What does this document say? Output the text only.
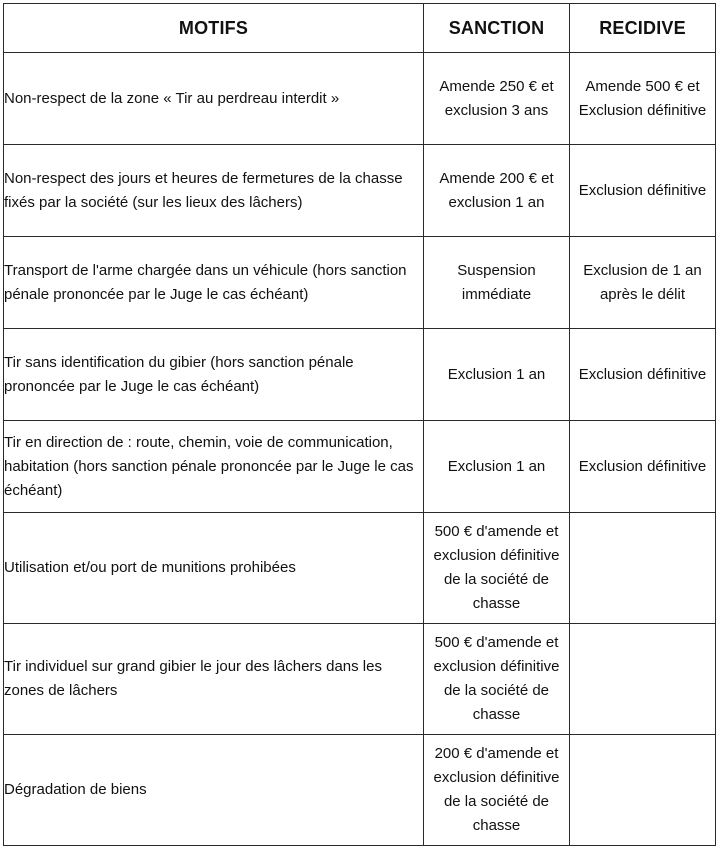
MOTIFS	SANCTION	RECIDIVE
Non-respect de la zone « Tir au perdreau interdit »	Amende 250 € et exclusion 3 ans	Amende 500 € et Exclusion définitive
Non-respect des jours et heures de fermetures de la chasse fixés par la société (sur les lieux des lâchers)	Amende 200 € et exclusion 1 an	Exclusion définitive
Transport de l'arme chargée dans un véhicule (hors sanction pénale prononcée par le Juge le cas échéant)	Suspension immédiate	Exclusion de 1 an après le délit
Tir sans identification du gibier (hors sanction pénale prononcée par le Juge le cas échéant)	Exclusion 1 an	Exclusion définitive
Tir en direction de : route, chemin, voie de communication, habitation (hors sanction pénale prononcée par le Juge le cas échéant)	Exclusion 1 an	Exclusion définitive
Utilisation et/ou port de munitions prohibées	500 € d'amende et exclusion définitive de la société de chasse	
Tir individuel sur grand gibier le jour des lâchers dans les zones de lâchers	500 € d'amende et exclusion définitive de la société de chasse	
Dégradation de biens	200 € d'amende et exclusion définitive de la société de chasse	
